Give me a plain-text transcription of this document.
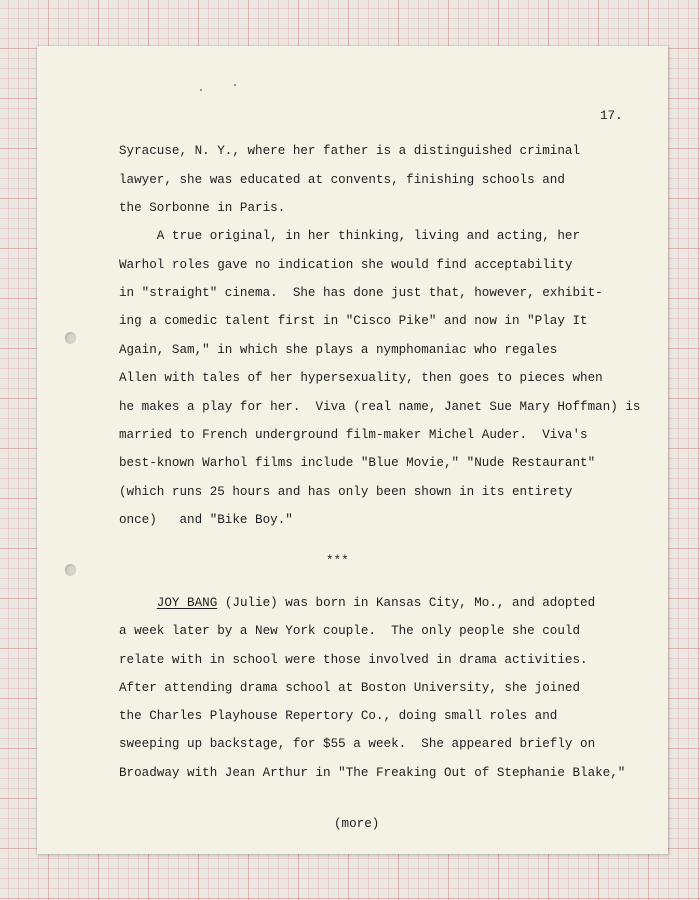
17.

Syracuse, N. Y., where her father is a distinguished criminal

lawyer, she was educated at convents, finishing schools and

the Sorbonne in Paris.

A true original, in her thinking, living and acting, her

Warhol roles gave no indication she would find acceptability

in "straight" cinema.  She has done just that, however, exhibit-

ing a comedic talent first in "Cisco Pike" and now in "Play It

Again, Sam," in which she plays a nymphomaniac who regales

Allen with tales of her hypersexuality, then goes to pieces when

he makes a play for her.  Viva (real name, Janet Sue Mary Hoffman) is

married to French underground film-maker Michel Auder.  Viva's

best-known Warhol films include "Blue Movie," "Nude Restaurant"

(which runs 25 hours and has only been shown in its entirety

once)   and "Bike Boy."

***

JOY BANG (Julie) was born in Kansas City, Mo., and adopted

a week later by a New York couple.  The only people she could

relate with in school were those involved in drama activities.

After attending drama school at Boston University, she joined

the Charles Playhouse Repertory Co., doing small roles and

sweeping up backstage, for $55 a week.  She appeared briefly on

Broadway with Jean Arthur in "The Freaking Out of Stephanie Blake,"

(more)
